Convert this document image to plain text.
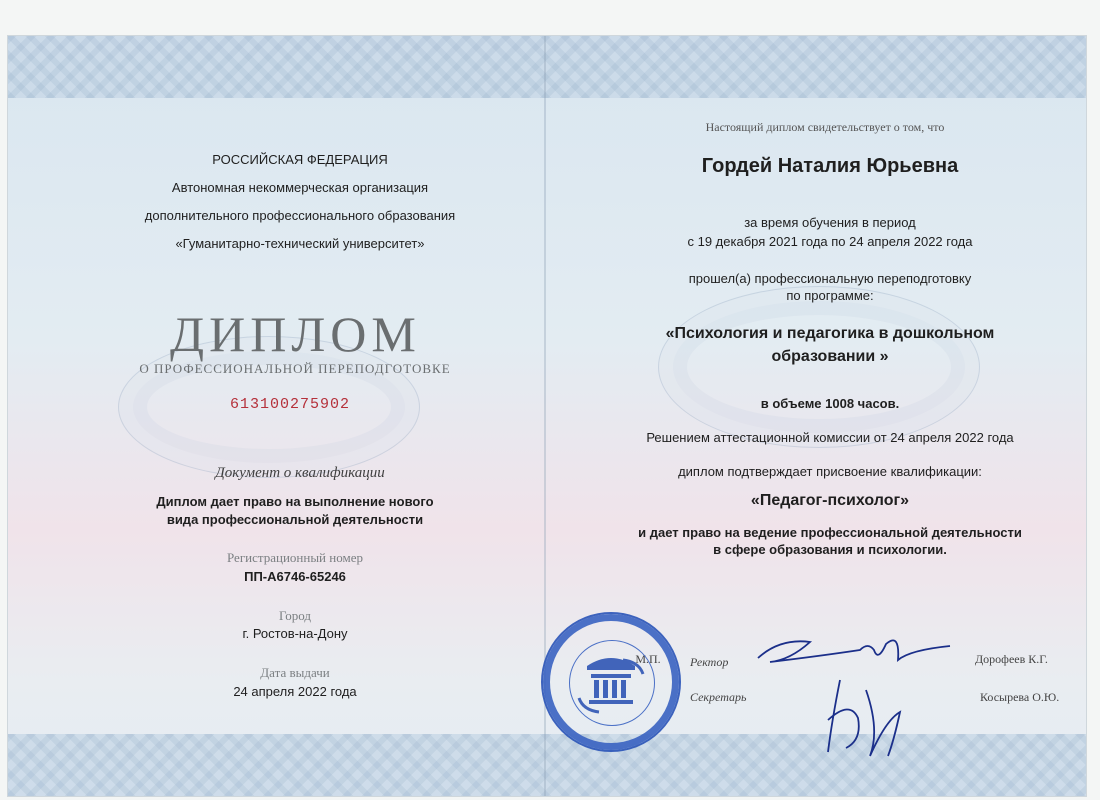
РОССИЙСКАЯ ФЕДЕРАЦИЯ
Автономная некоммерческая организация
дополнительного профессионального образования
«Гуманитарно-технический университет»
ДИПЛОМ
О ПРОФЕССИОНАЛЬНОЙ ПЕРЕПОДГОТОВКЕ
613100275902
Документ о квалификации
Диплом дает право на выполнение нового
вида профессиональной деятельности
Регистрационный номер
ПП-А6746-65246
Город
г. Ростов-на-Дону
Дата выдачи
24 апреля 2022 года
Настоящий диплом свидетельствует о том, что
Гордей Наталия Юрьевна
за время обучения в период
с 19 декабря 2021 года по 24 апреля 2022 года
прошел(а) профессиональную переподготовку
по программе:
«Психология и педагогика в дошкольном
образовании »
в объеме 1008 часов.
Решением аттестационной комиссии от 24 апреля 2022 года
диплом подтверждает присвоение квалификации:
«Педагог-психолог»
и дает право на ведение профессиональной деятельности
в сфере образования и психологии.
М.П.	Ректор	Дорофеев К.Г.
Секретарь	Косырева О.Ю.
